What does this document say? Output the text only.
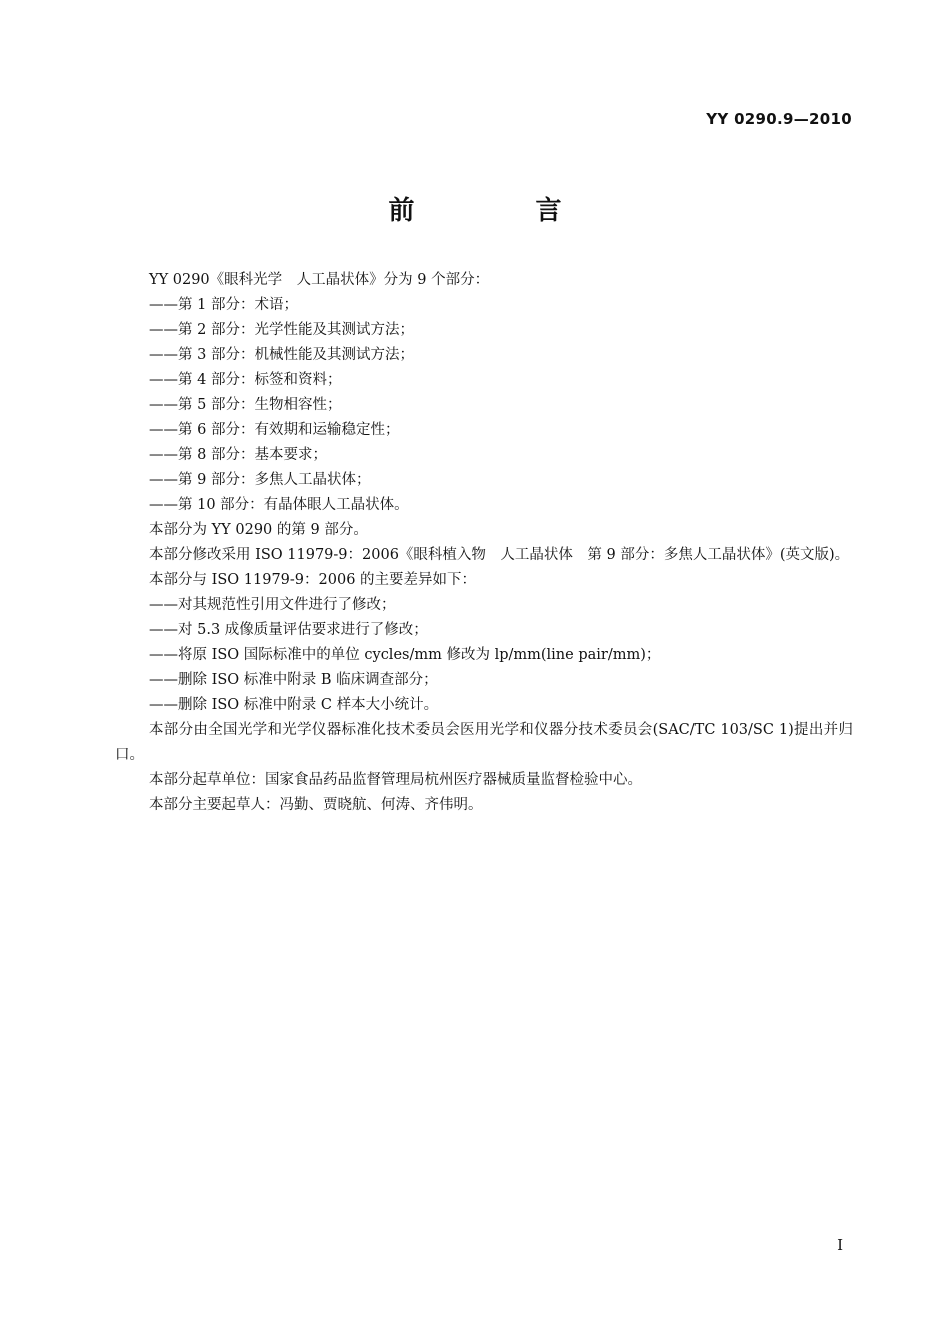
YY 0290.9—2010
前 言

YY 0290《眼科光学　人工晶状体》分为 9 个部分：

——第 1 部分：术语；

——第 2 部分：光学性能及其测试方法；

——第 3 部分：机械性能及其测试方法；

——第 4 部分：标签和资料；

——第 5 部分：生物相容性；

——第 6 部分：有效期和运输稳定性；

——第 8 部分：基本要求；

——第 9 部分：多焦人工晶状体；

——第 10 部分：有晶体眼人工晶状体。

本部分为 YY 0290 的第 9 部分。

本部分修改采用 ISO 11979-9：2006《眼科植入物　人工晶状体　第 9 部分：多焦人工晶状体》(英文版)。

本部分与 ISO 11979-9：2006 的主要差异如下：

——对其规范性引用文件进行了修改；

——对 5.3 成像质量评估要求进行了修改；

——将原 ISO 国际标准中的单位 cycles/mm 修改为 lp/mm(line pair/mm)；

——删除 ISO 标准中附录 B 临床调查部分；

——删除 ISO 标准中附录 C 样本大小统计。

本部分由全国光学和光学仪器标准化技术委员会医用光学和仪器分技术委员会(SAC/TC 103/SC 1)提出并归口。

本部分起草单位：国家食品药品监督管理局杭州医疗器械质量监督检验中心。

本部分主要起草人：冯勤、贾晓航、何涛、齐伟明。

I
